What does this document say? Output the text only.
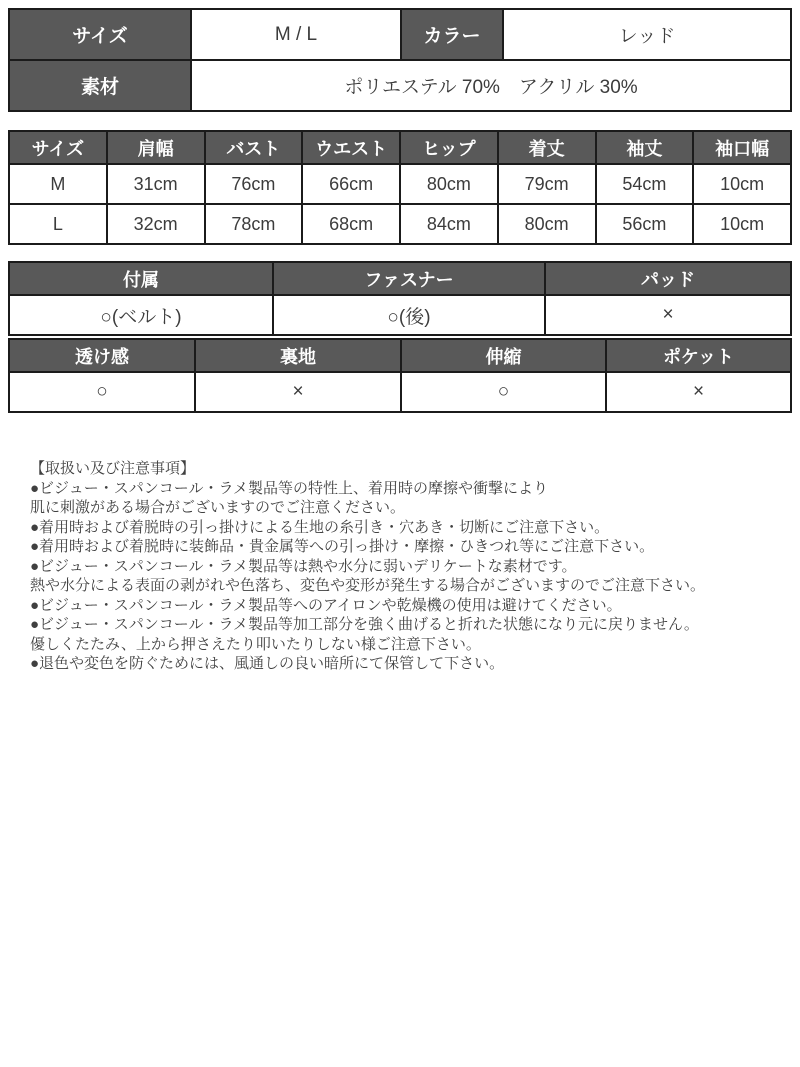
サイズ	M / L	カラー	レッド
素材	ポリエステル 70%　アクリル 30%		
サイズ	肩幅	バスト	ウエスト	ヒップ	着丈	袖丈	袖口幅
M	31cm	76cm	66cm	80cm	79cm	54cm	10cm
L	32cm	78cm	68cm	84cm	80cm	56cm	10cm
付属	ファスナー	パッド
○(ベルト)	○(後)	×
透け感	裏地	伸縮	ポケット
○	×	○	×
【取扱い及び注意事項】
●ビジュー・スパンコール・ラメ製品等の特性上、着用時の摩擦や衝撃により
肌に刺激がある場合がございますのでご注意ください。
●着用時および着脱時の引っ掛けによる生地の糸引き・穴あき・切断にご注意下さい。
●着用時および着脱時に装飾品・貴金属等への引っ掛け・摩擦・ひきつれ等にご注意下さい。
●ビジュー・スパンコール・ラメ製品等は熱や水分に弱いデリケートな素材です。
熱や水分による表面の剥がれや色落ち、変色や変形が発生する場合がございますのでご注意下さい。
●ビジュー・スパンコール・ラメ製品等へのアイロンや乾燥機の使用は避けてください。
●ビジュー・スパンコール・ラメ製品等加工部分を強く曲げると折れた状態になり元に戻りません。
優しくたたみ、上から押さえたり叩いたりしない様ご注意下さい。
●退色や変色を防ぐためには、風通しの良い暗所にて保管して下さい。
